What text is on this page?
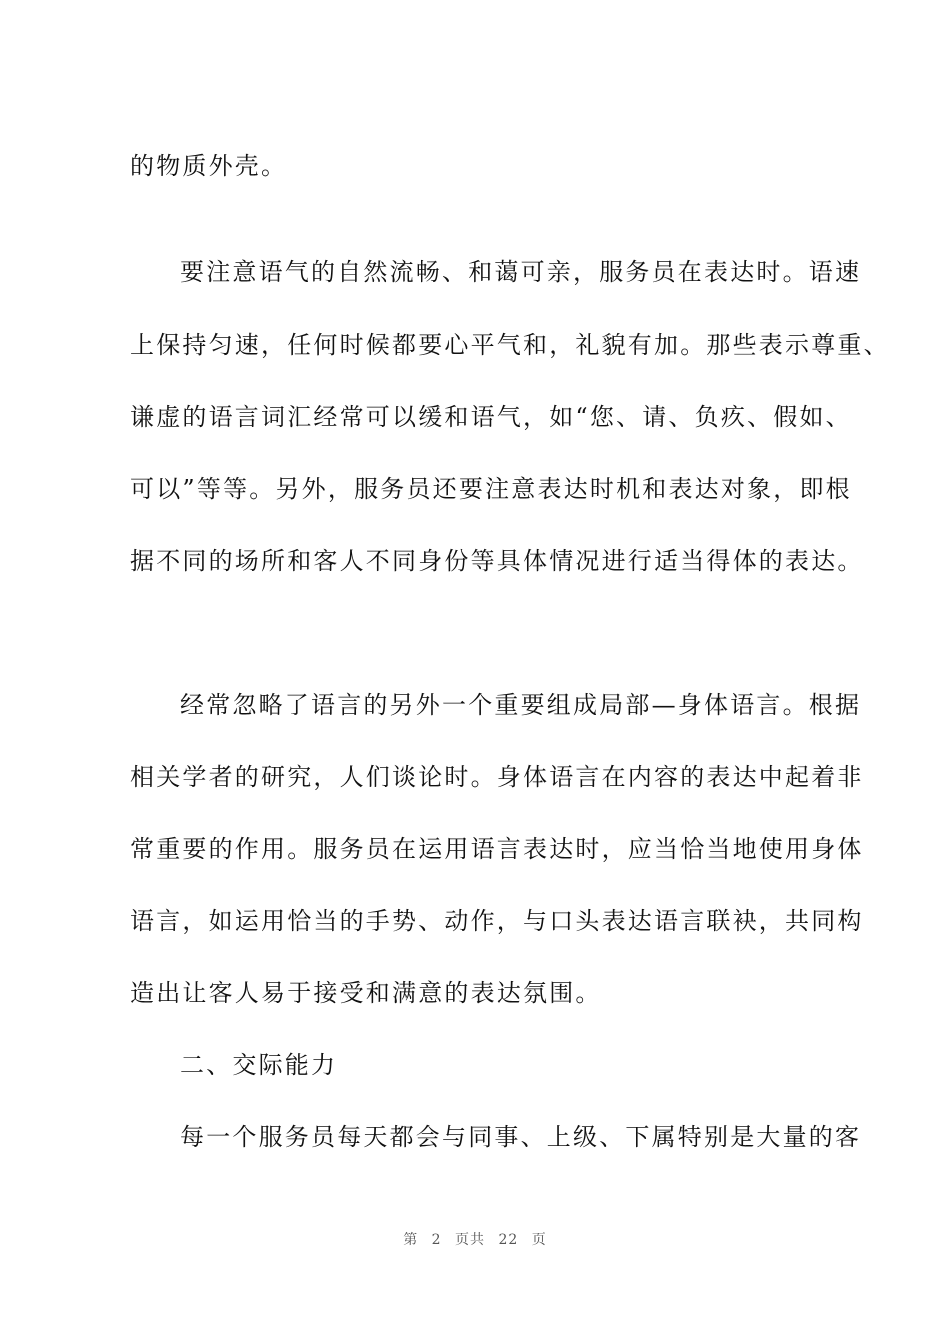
的物质外壳。
要注意语气的自然流畅、和蔼可亲，服务员在表达时。语速
上保持匀速，任何时候都要心平气和，礼貌有加。那些表示尊重、
谦虚的语言词汇经常可以缓和语气，如“您、请、负疚、假如、
可以”等等。另外，服务员还要注意表达时机和表达对象，即根
据不同的场所和客人不同身份等具体情况进行适当得体的表达。
经常忽略了语言的另外一个重要组成局部—身体语言。根据
相关学者的研究，人们谈论时。身体语言在内容的表达中起着非
常重要的作用。服务员在运用语言表达时，应当恰当地使用身体
语言，如运用恰当的手势、动作，与口头表达语言联袂，共同构
造出让客人易于接受和满意的表达氛围。
二、交际能力
每一个服务员每天都会与同事、上级、下属特别是大量的客
第 2 页共 22 页
